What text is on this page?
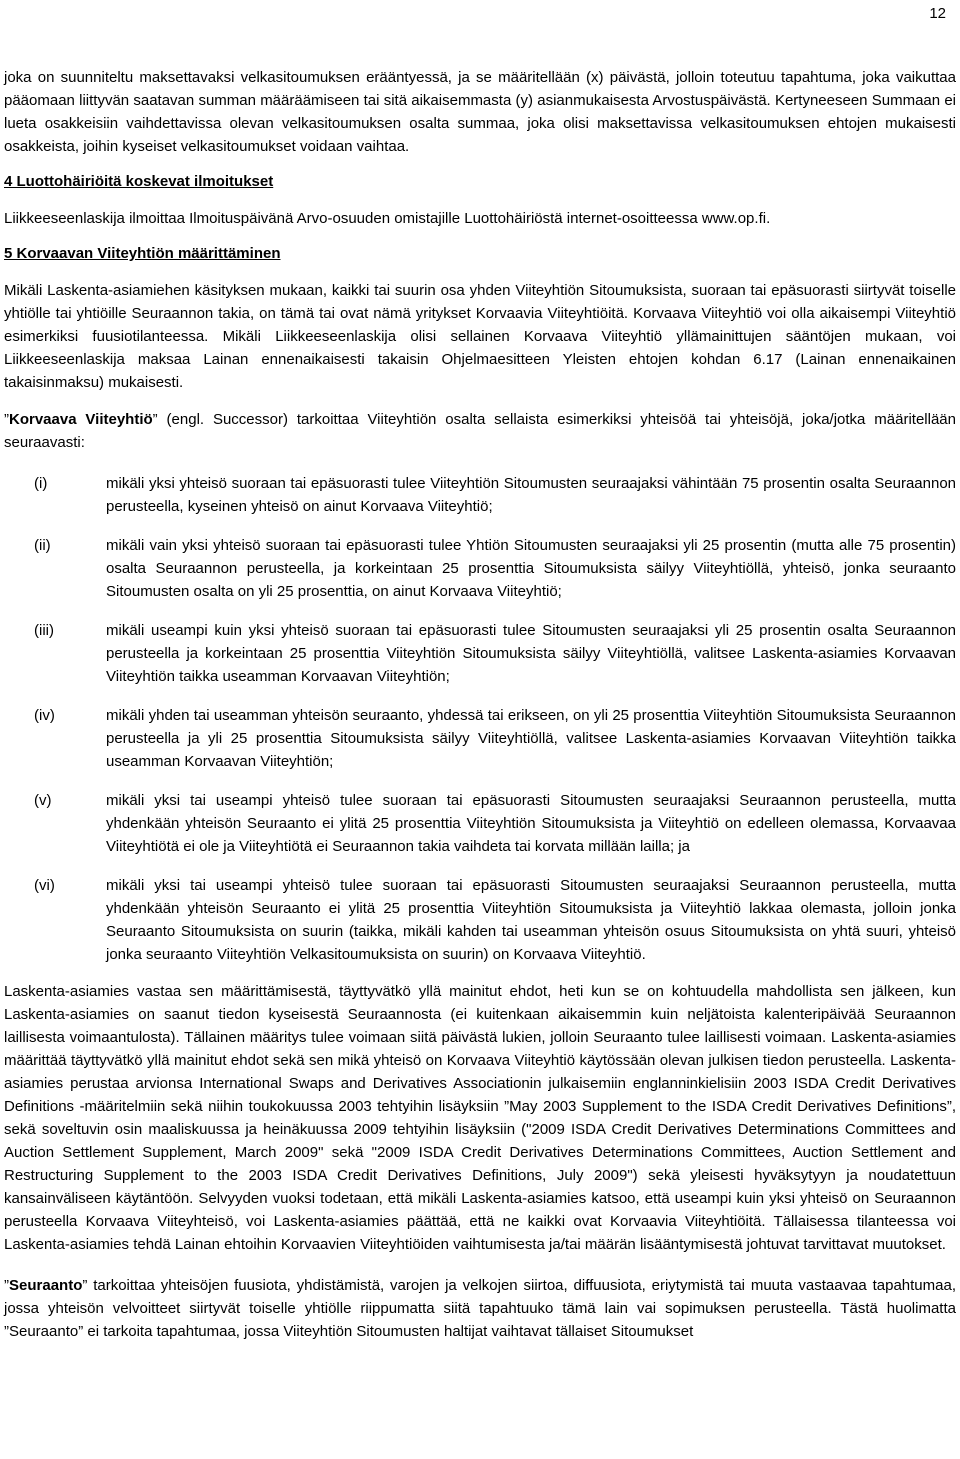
12

joka on suunniteltu maksettavaksi velkasitoumuksen erääntyessä, ja se määritellään (x) päivästä, jolloin toteutuu tapahtuma, joka vaikuttaa pääomaan liittyvän saatavan summan määräämiseen tai sitä aikaisemmasta (y) asianmukaisesta Arvostuspäivästä. Kertyneeseen Summaan ei lueta osakkeisiin vaihdettavissa olevan velkasitoumuksen osalta summaa, joka olisi maksettavissa velkasitoumuksen ehtojen mukaisesti osakkeista, joihin kyseiset velkasitoumukset voidaan vaihtaa.

4 Luottohäiriöitä koskevat ilmoitukset

Liikkeeseenlaskija ilmoittaa Ilmoituspäivänä Arvo-osuuden omistajille Luottohäiriöstä internet-osoitteessa www.op.fi.

5 Korvaavan Viiteyhtiön määrittäminen

Mikäli Laskenta-asiamiehen käsityksen mukaan, kaikki tai suurin osa yhden Viiteyhtiön Sitoumuksista, suoraan tai epäsuorasti siirtyvät toiselle yhtiölle tai yhtiöille Seuraannon takia, on tämä tai ovat nämä yritykset Korvaavia Viiteyhtiöitä. Korvaava Viiteyhtiö voi olla aikaisempi Viiteyhtiö esimerkiksi fuusiotilanteessa. Mikäli Liikkeeseenlaskija olisi sellainen Korvaava Viiteyhtiö yllämainittujen sääntöjen mukaan, voi Liikkeeseenlaskija maksaa Lainan ennenaikaisesti takaisin Ohjelmaesitteen Yleisten ehtojen kohdan 6.17 (Lainan ennenaikainen takaisinmaksu) mukaisesti.

”Korvaava Viiteyhtiö” (engl. Successor) tarkoittaa Viiteyhtiön osalta sellaista esimerkiksi yhteisöä tai yhteisöjä, joka/jotka määritellään seuraavasti:

(i)	mikäli yksi yhteisö suoraan tai epäsuorasti tulee Viiteyhtiön Sitoumusten seuraajaksi vähintään 75 prosentin osalta Seuraannon perusteella, kyseinen yhteisö on ainut Korvaava Viiteyhtiö;
(ii)	mikäli vain yksi yhteisö suoraan tai epäsuorasti tulee Yhtiön Sitoumusten seuraajaksi yli 25 prosentin (mutta alle 75 prosentin) osalta Seuraannon perusteella, ja korkeintaan 25 prosenttia Sitoumuksista säilyy Viiteyhtiöllä, yhteisö, jonka seuraanto Sitoumusten osalta on yli 25 prosenttia, on ainut Korvaava Viiteyhtiö;
(iii)	mikäli useampi kuin yksi yhteisö suoraan tai epäsuorasti tulee Sitoumusten seuraajaksi yli 25 prosentin osalta Seuraannon perusteella ja korkeintaan 25 prosenttia Viiteyhtiön Sitoumuksista säilyy Viiteyhtiöllä, valitsee Laskenta-asiamies Korvaavan Viiteyhtiön taikka useamman Korvaavan Viiteyhtiön;
(iv)	mikäli yhden tai useamman yhteisön seuraanto, yhdessä tai erikseen, on yli 25 prosenttia Viiteyhtiön Sitoumuksista Seuraannon perusteella ja yli 25 prosenttia Sitoumuksista säilyy Viiteyhtiöllä, valitsee Laskenta-asiamies Korvaavan Viiteyhtiön taikka useamman Korvaavan Viiteyhtiön;
(v)	mikäli yksi tai useampi yhteisö tulee suoraan tai epäsuorasti Sitoumusten seuraajaksi Seuraannon perusteella, mutta yhdenkään yhteisön Seuraanto ei ylitä 25 prosenttia Viiteyhtiön Sitoumuksista ja Viiteyhtiö on edelleen olemassa, Korvaavaa Viiteyhtiötä ei ole ja Viiteyhtiötä ei Seuraannon takia vaihdeta tai korvata millään lailla; ja
(vi)	mikäli yksi tai useampi yhteisö tulee suoraan tai epäsuorasti Sitoumusten seuraajaksi Seuraannon perusteella, mutta yhdenkään yhteisön Seuraanto ei ylitä 25 prosenttia Viiteyhtiön Sitoumuksista ja Viiteyhtiö lakkaa olemasta, jolloin jonka Seuraanto Sitoumuksista on suurin (taikka, mikäli kahden tai useamman yhteisön osuus Sitoumuksista on yhtä suuri, yhteisö jonka seuraanto Viiteyhtiön Velkasitoumuksista on suurin) on Korvaava Viiteyhtiö.

Laskenta-asiamies vastaa sen määrittämisestä, täyttyvätkö yllä mainitut ehdot, heti kun se on kohtuudella mahdollista sen jälkeen, kun Laskenta-asiamies on saanut tiedon kyseisestä Seuraannosta (ei kuitenkaan aikaisemmin kuin neljätoista kalenteripäivää Seuraannon laillisesta voimaantulosta). Tällainen määritys tulee voimaan siitä päivästä lukien, jolloin Seuraanto tulee laillisesti voimaan. Laskenta-asiamies määrittää täyttyvätkö yllä mainitut ehdot sekä sen mikä yhteisö on Korvaava Viiteyhtiö käytössään olevan julkisen tiedon perusteella. Laskenta-asiamies perustaa arvionsa International Swaps and Derivatives Associationin julkaisemiin englanninkielisiin 2003 ISDA Credit Derivatives Definitions -määritelmiin sekä niihin toukokuussa 2003 tehtyihin lisäyksiin ”May 2003 Supplement to the ISDA Credit Derivatives Definitions”, sekä soveltuvin osin maaliskuussa ja heinäkuussa 2009 tehtyihin lisäyksiin ("2009 ISDA Credit Derivatives Determinations Committees and Auction Settlement Supplement, March 2009" sekä "2009 ISDA Credit Derivatives Determinations Committees, Auction Settlement and Restructuring Supplement to the 2003 ISDA Credit Derivatives Definitions, July 2009") sekä yleisesti hyväksytyyn ja noudatettuun kansainväliseen käytäntöön. Selvyyden vuoksi todetaan, että mikäli Laskenta-asiamies katsoo, että useampi kuin yksi yhteisö on Seuraannon perusteella Korvaava Viiteyhteisö, voi Laskenta-asiamies päättää, että ne kaikki ovat Korvaavia Viiteyhtiöitä. Tällaisessa tilanteessa voi Laskenta-asiamies tehdä Lainan ehtoihin Korvaavien Viiteyhtiöiden vaihtumisesta ja/tai määrän lisääntymisestä johtuvat tarvittavat muutokset.

”Seuraanto” tarkoittaa yhteisöjen fuusiota, yhdistämistä, varojen ja velkojen siirtoa, diffuusiota, eriytymistä tai muuta vastaavaa tapahtumaa, jossa yhteisön velvoitteet siirtyvät toiselle yhtiölle riippumatta siitä tapahtuuko tämä lain vai sopimuksen perusteella. Tästä huolimatta ”Seuraanto” ei tarkoita tapahtumaa, jossa Viiteyhtiön Sitoumusten haltijat vaihtavat tällaiset Sitoumukset
